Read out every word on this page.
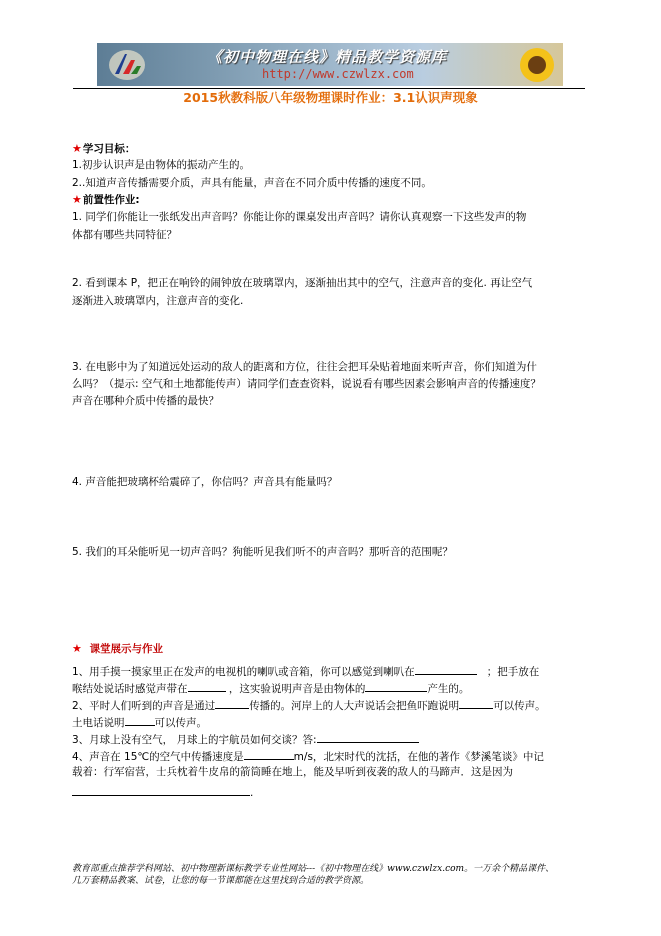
《初中物理在线》精品教学资源库
http://www.czwlzx.com
2015秋教科版八年级物理课时作业：3.1认识声现象
★学习目标：
1.初步认识声是由物体的振动产生的。
2..知道声音传播需要介质，声具有能量，声音在不同介质中传播的速度不同。
★前置性作业:
1. 同学们你能让一张纸发出声音吗？你能让你的课桌发出声音吗？请你认真观察一下这些发声的物
体都有哪些共同特征？
2. 看到课本 P，把正在响铃的闹钟放在玻璃罩内，逐渐抽出其中的空气，注意声音的变化. 再让空气
逐渐进入玻璃罩内，注意声音的变化.
3. 在电影中为了知道远处运动的敌人的距离和方位，往往会把耳朵贴着地面来听声音，你们知道为什
么吗？（提示: 空气和土地都能传声）请同学们查查资料，说说看有哪些因素会影响声音的传播速度？
声音在哪种介质中传播的最快？
4. 声音能把玻璃杯给震碎了，你信吗？声音具有能量吗？
5. 我们的耳朵能听见一切声音吗？狗能听见我们听不的声音吗？那听音的范围呢？
★ 课堂展示与作业
1、用手摸一摸家里正在发声的电视机的喇叭或音箱，你可以感觉到喇叭在	；把手放在
喉结处说话时感觉声带在	，这实验说明声音是由物体的	产生的。
2、平时人们听到的声音是通过	传播的。河岸上的人大声说话会把鱼吓跑说明	可以传声。
土电话说明	可以传声。
3、月球上没有空气， 月球上的宇航员如何交谈？答:
4、声音在 15℃的空气中传播速度是	m/s，北宋时代的沈括，在他的著作《梦溪笔谈》中记
载着：行军宿营，士兵枕着牛皮帛的箭筒睡在地上，能及早听到夜袭的敌人的马蹄声．这是因为
.
教育部重点推荐学科网站、初中物理新课标教学专业性网站---《初中物理在线》www.czwlzx.com。一万余个精品课件、
几万套精品教案、试卷，让您的每一节课都能在这里找到合适的教学资源。
